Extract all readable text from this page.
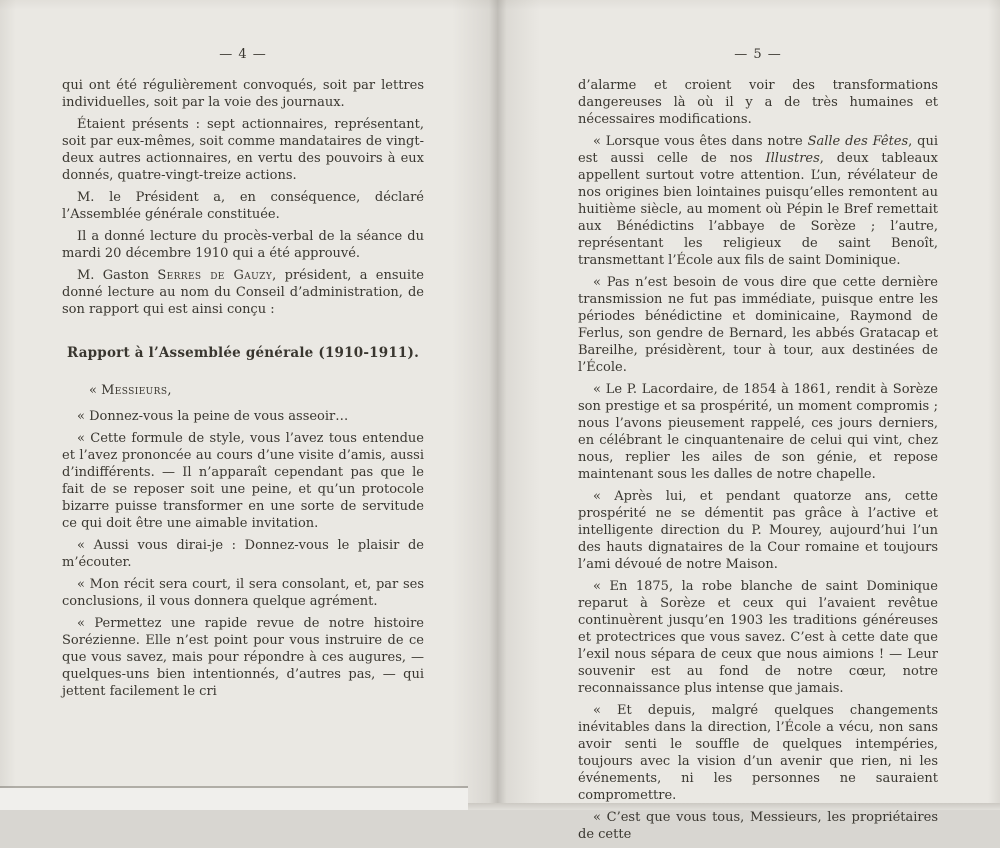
— 4 —

qui ont été régulièrement convoqués, soit par lettres individuelles, soit par la voie des journaux.

Étaient présents : sept actionnaires, représentant, soit par eux-mêmes, soit comme mandataires de vingt-deux autres actionnaires, en vertu des pouvoirs à eux donnés, quatre-vingt-treize actions.

M. le Président a, en conséquence, déclaré l’Assemblée générale constituée.

Il a donné lecture du procès-verbal de la séance du mardi 20 décembre 1910 qui a été approuvé.

M. Gaston Serres de Gauzy, président, a ensuite donné lecture au nom du Conseil d’administration, de son rapport qui est ainsi conçu :

Rapport à l’Assemblée générale (1910-1911).

« Messieurs,

« Donnez-vous la peine de vous asseoir…

« Cette formule de style, vous l’avez tous entendue et l’avez prononcée au cours d’une visite d’amis, aussi d’indifférents. — Il n’apparaît cependant pas que le fait de se reposer soit une peine, et qu’un protocole bizarre puisse transformer en une sorte de servitude ce qui doit être une aimable invitation.

« Aussi vous dirai-je : Donnez-vous le plaisir de m’écouter.

« Mon récit sera court, il sera consolant, et, par ses conclusions, il vous donnera quelque agrément.

« Permettez une rapide revue de notre histoire Sorézienne. Elle n’est point pour vous instruire de ce que vous savez, mais pour répondre à ces augures, — quelques-uns bien intentionnés, d’autres pas, — qui jettent facilement le cri

— 5 —

d’alarme et croient voir des transformations dangereuses là où il y a de très humaines et nécessaires modifications.

« Lorsque vous êtes dans notre Salle des Fêtes, qui est aussi celle de nos Illustres, deux tableaux appellent surtout votre attention. L’un, révélateur de nos origines bien lointaines puisqu’elles remontent au huitième siècle, au moment où Pépin le Bref remettait aux Bénédictins l’abbaye de Sorèze ; l’autre, représentant les religieux de saint Benoît, transmettant l’École aux fils de saint Dominique.

« Pas n’est besoin de vous dire que cette dernière transmission ne fut pas immédiate, puisque entre les périodes bénédictine et dominicaine, Raymond de Ferlus, son gendre de Bernard, les abbés Gratacap et Bareilhe, présidèrent, tour à tour, aux destinées de l’École.

« Le P. Lacordaire, de 1854 à 1861, rendit à Sorèze son prestige et sa prospérité, un moment compromis ; nous l’avons pieusement rappelé, ces jours derniers, en célébrant le cinquantenaire de celui qui vint, chez nous, replier les ailes de son génie, et repose maintenant sous les dalles de notre chapelle.

« Après lui, et pendant quatorze ans, cette prospérité ne se démentit pas grâce à l’active et intelligente direction du P. Mourey, aujourd’hui l’un des hauts dignataires de la Cour romaine et toujours l’ami dévoué de notre Maison.

« En 1875, la robe blanche de saint Dominique reparut à Sorèze et ceux qui l’avaient revêtue continuèrent jusqu’en 1903 les traditions généreuses et protectrices que vous savez. C’est à cette date que l’exil nous sépara de ceux que nous aimions ! — Leur souvenir est au fond de notre cœur, notre reconnaissance plus intense que jamais.

« Et depuis, malgré quelques changements inévitables dans la direction, l’École a vécu, non sans avoir senti le souffle de quelques intempéries, toujours avec la vision d’un avenir que rien, ni les événements, ni les personnes ne sauraient compromettre.

« C’est que vous tous, Messieurs, les propriétaires de cette
